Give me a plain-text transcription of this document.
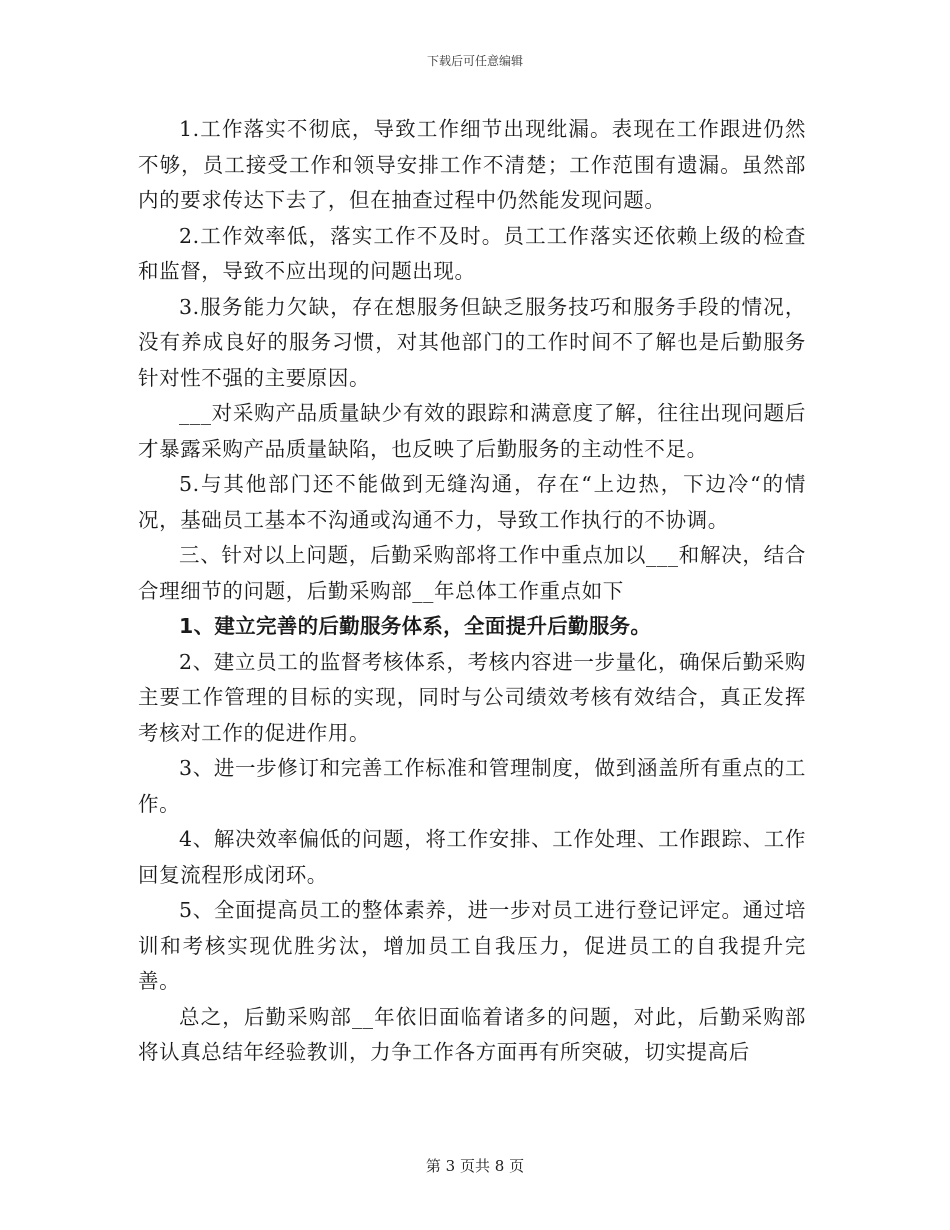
下载后可任意编辑

1.工作落实不彻底，导致工作细节出现纰漏。表现在工作跟进仍然不够，员工接受工作和领导安排工作不清楚；工作范围有遗漏。虽然部内的要求传达下去了，但在抽查过程中仍然能发现问题。

2.工作效率低，落实工作不及时。员工工作落实还依赖上级的检查和监督，导致不应出现的问题出现。

3.服务能力欠缺，存在想服务但缺乏服务技巧和服务手段的情况，没有养成良好的服务习惯，对其他部门的工作时间不了解也是后勤服务针对性不强的主要原因。

___对采购产品质量缺少有效的跟踪和满意度了解，往往出现问题后才暴露采购产品质量缺陷，也反映了后勤服务的主动性不足。

5.与其他部门还不能做到无缝沟通，存在“上边热，下边冷“的情况，基础员工基本不沟通或沟通不力，导致工作执行的不协调。

三、针对以上问题，后勤采购部将工作中重点加以___和解决，结合合理细节的问题，后勤采购部__年总体工作重点如下

1、建立完善的后勤服务体系，全面提升后勤服务。

2、建立员工的监督考核体系，考核内容进一步量化，确保后勤采购主要工作管理的目标的实现，同时与公司绩效考核有效结合，真正发挥考核对工作的促进作用。

3、进一步修订和完善工作标准和管理制度，做到涵盖所有重点的工作。

4、解决效率偏低的问题，将工作安排、工作处理、工作跟踪、工作回复流程形成闭环。

5、全面提高员工的整体素养，进一步对员工进行登记评定。通过培训和考核实现优胜劣汰，增加员工自我压力，促进员工的自我提升完善。

总之，后勤采购部__年依旧面临着诸多的问题，对此，后勤采购部将认真总结年经验教训，力争工作各方面再有所突破，切实提高后

第 3 页共 8 页
